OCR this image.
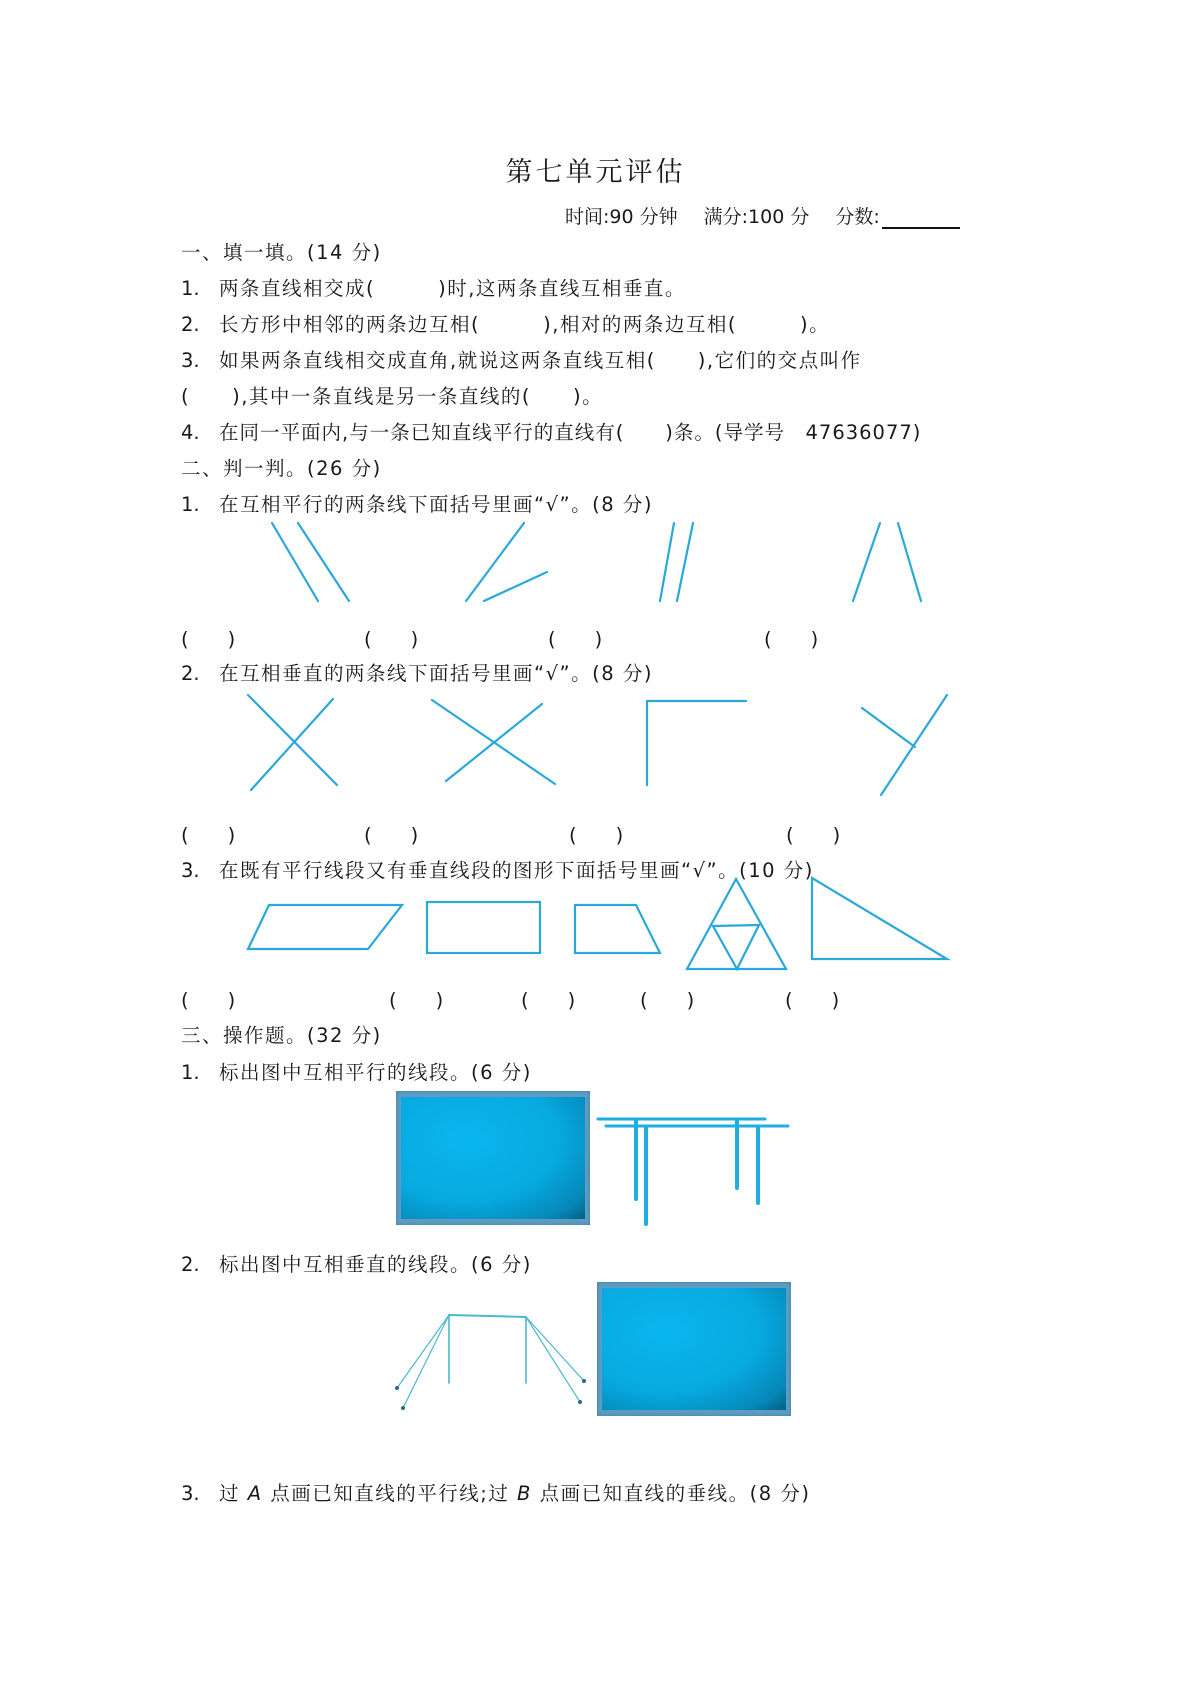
第七单元评估
时间:90 分钟 满分:100 分 分数:
一、填一填。(14 分)
1. 两条直线相交成(　　　)时,这两条直线互相垂直。
2. 长方形中相邻的两条边互相(　　　),相对的两条边互相(　　　)。
3. 如果两条直线相交成直角,就说这两条直线互相(　　),它们的交点叫作
(　　),其中一条直线是另一条直线的(　　)。
4. 在同一平面内,与一条已知直线平行的直线有(　　)条。(导学号　47636077)
二、判一判。(26 分)
1. 在互相平行的两条线下面括号里画“√”。(8 分)
(　　)	(　　)	(　　)	(　　)
2. 在互相垂直的两条线下面括号里画“√”。(8 分)
(　　)	(　　)	(　　)	(　　)
3. 在既有平行线段又有垂直线段的图形下面括号里画“√”。(10 分)
(　　)	(　　)	(　　)	(　　)	(　　)
三、操作题。(32 分)
1. 标出图中互相平行的线段。(6 分)
2. 标出图中互相垂直的线段。(6 分)
3. 过 A 点画已知直线的平行线;过 B 点画已知直线的垂线。(8 分)
